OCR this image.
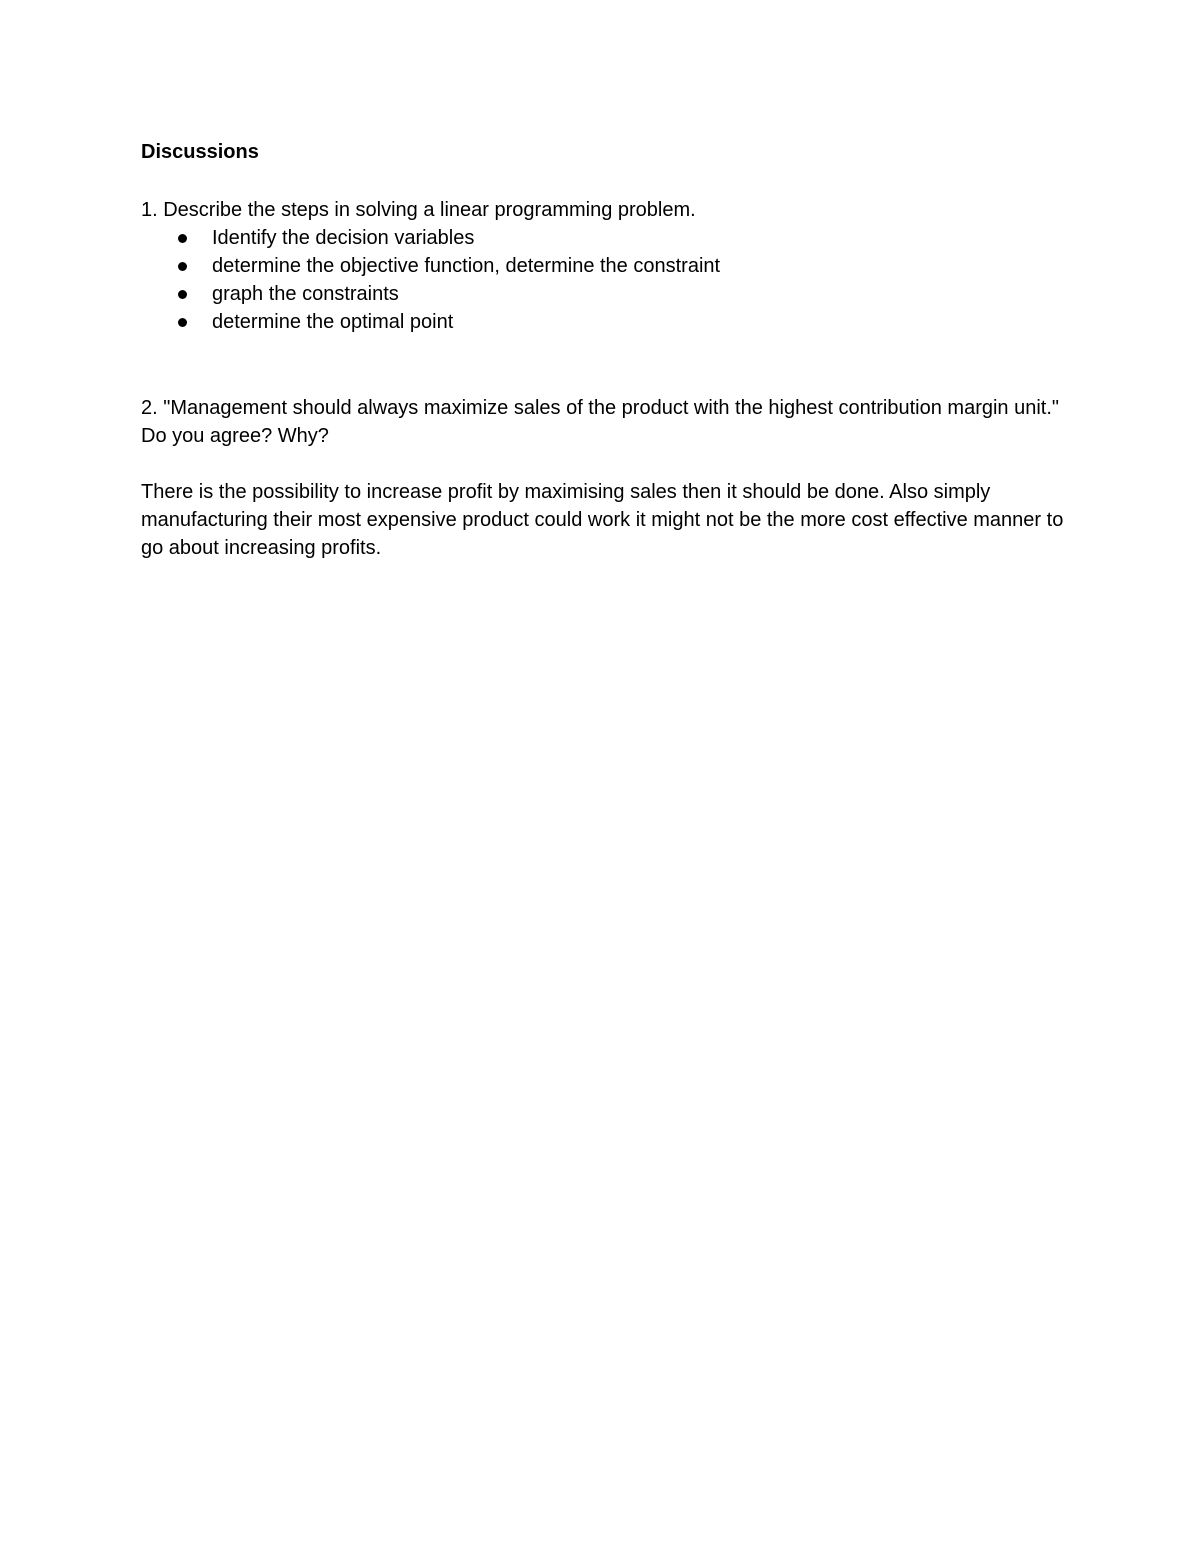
Discussions

1. Describe the steps in solving a linear programming problem.

Identify the decision variables
determine the objective function, determine the constraint
graph the constraints
determine the optimal point

2. "Management should always maximize sales of the product with the highest contribution margin unit." Do you agree? Why?

There is the possibility to increase profit by maximising sales then it should be done. Also simply manufacturing their most expensive product could work it might not be the more cost effective manner to go about increasing profits.
